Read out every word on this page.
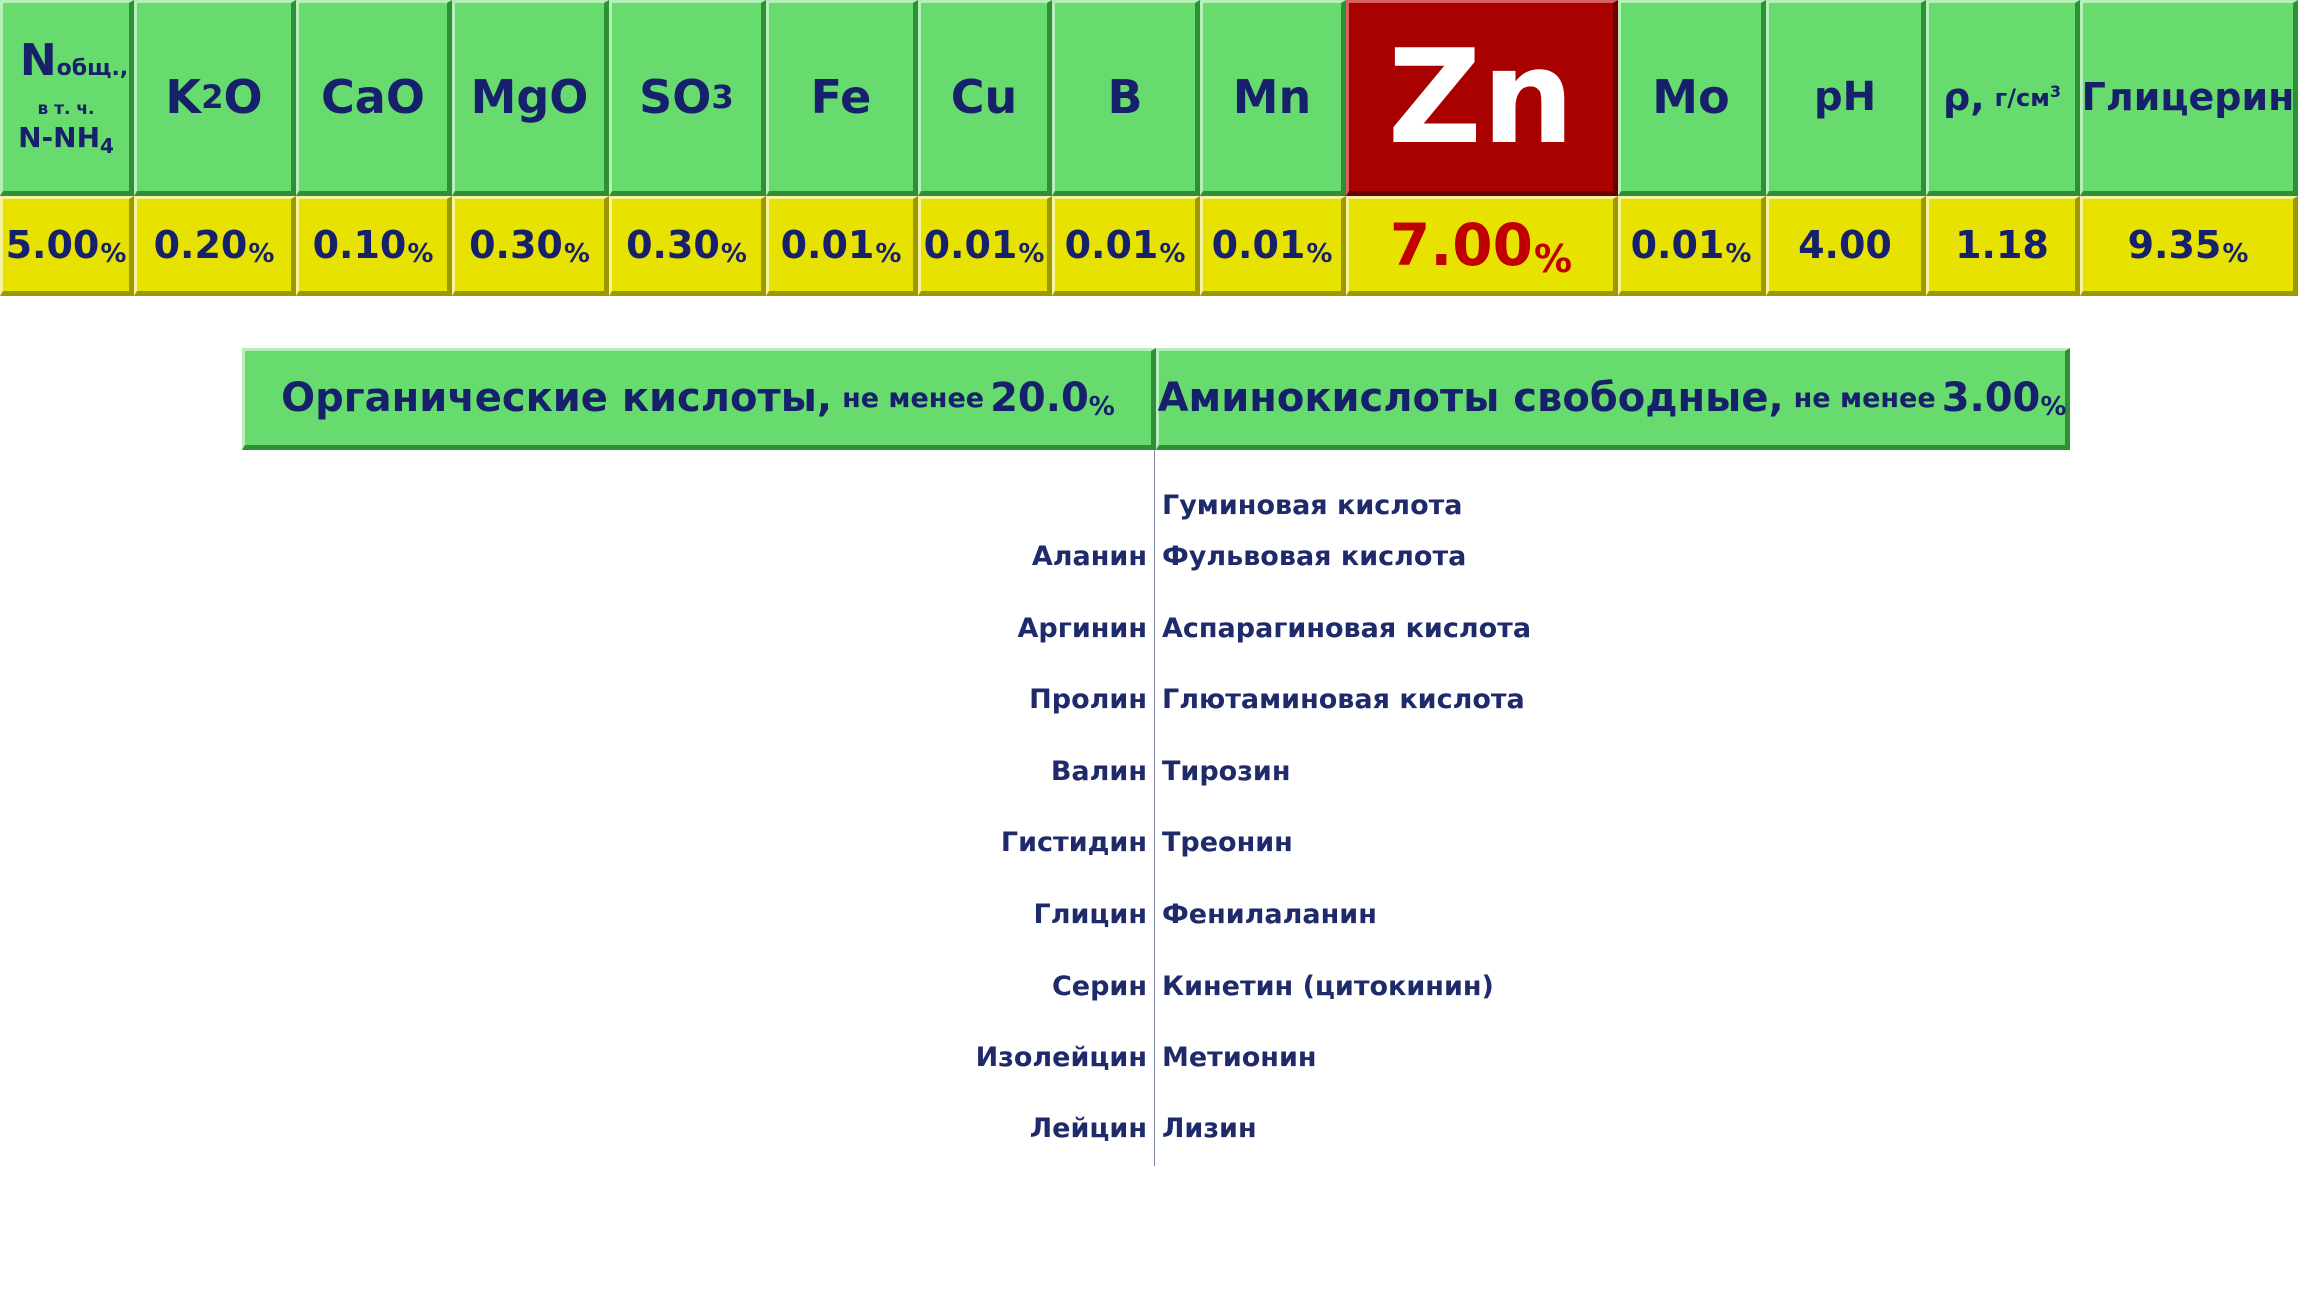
Nобщ.,
в т. ч.
$N-NH_4$
5.00 %
K 2 O
0.20 %
CaO
0.10 %
MgO
0.30 %
SO 3
0.30 %
Fe
0.01 %
Cu
0.01 %
B
0.01 %
Mn
0.01 %
Zn
7.00 %
Mo
0.01 %
pH
4.00
ρ, $г/см^3$
1.18
Глицерин
9.35 %
Органические кислоты, не менее 20.0 % Аминокислоты свободные, не менее 3.00 %
Аланин
Аргинин
Пролин
Валин
Гистидин
Глицин
Серин
Изолейцин
Лейцин
Гуминовая кислота
Фульвовая кислота
Аспарагиновая кислота
Глютаминовая кислота
Тирозин
Треонин
Фенилаланин
Кинетин (цитокинин)
Метионин
Лизин
